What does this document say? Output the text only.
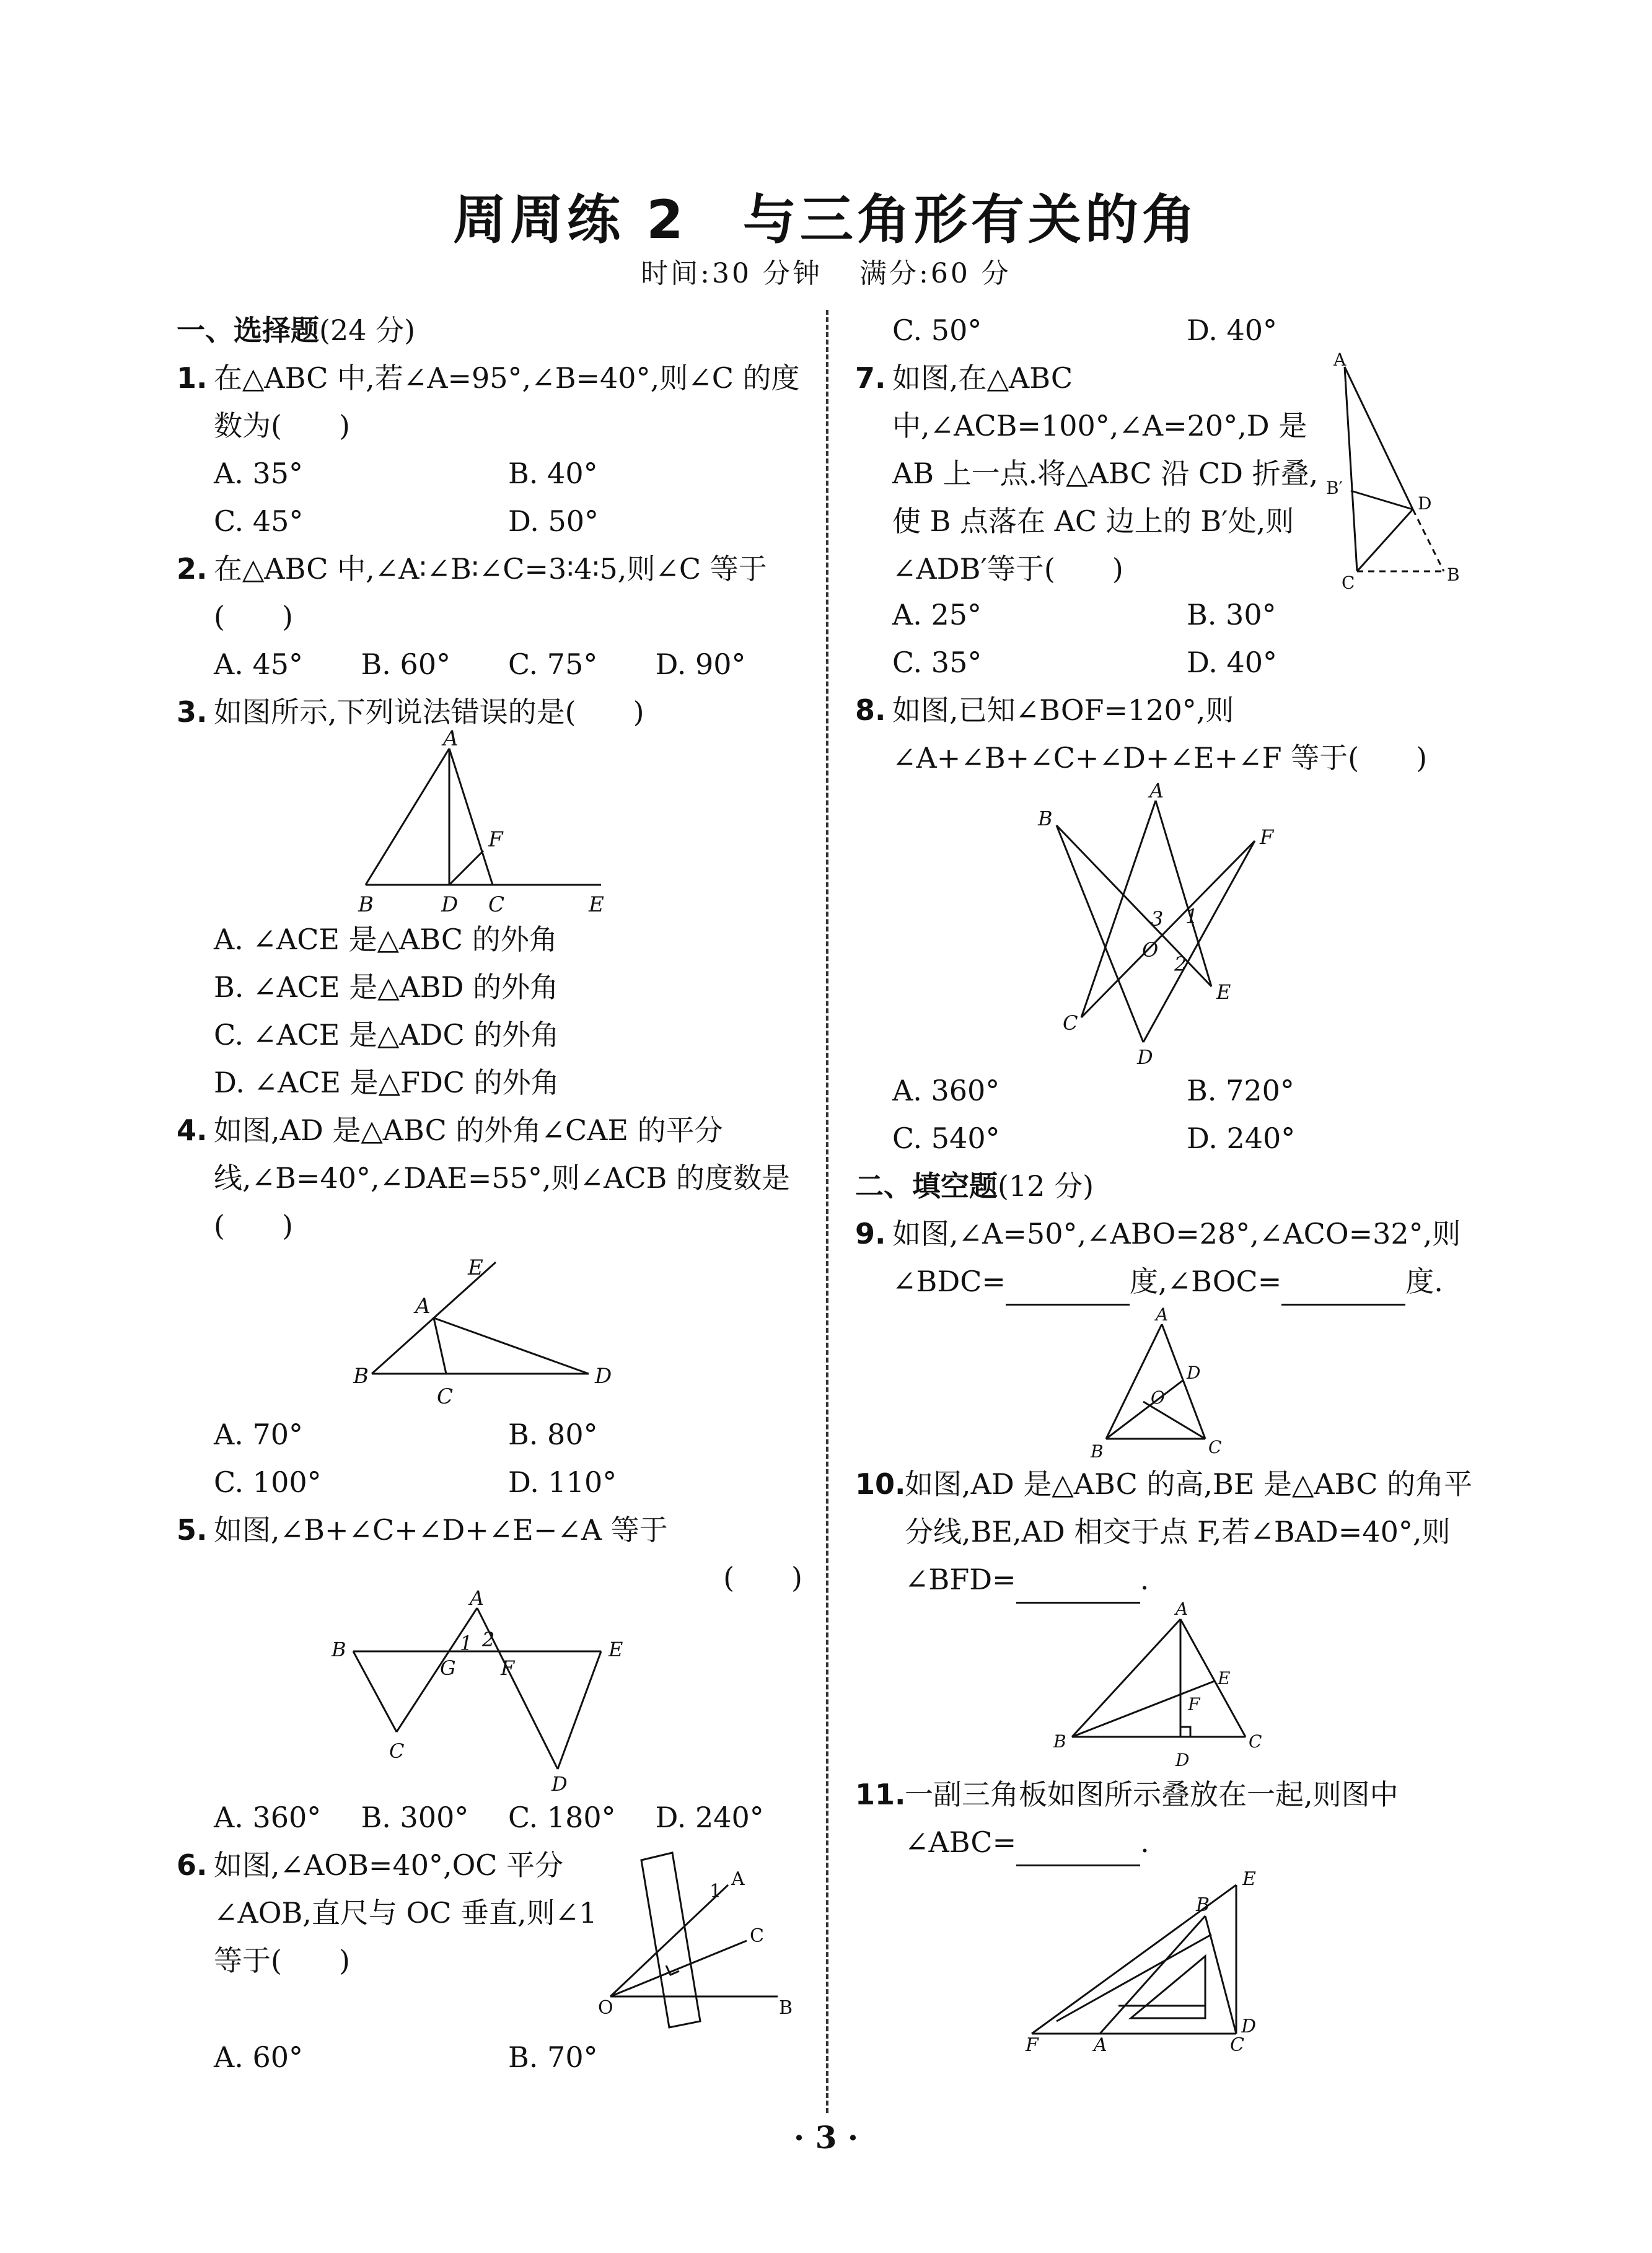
周周练 2 与三角形有关的角
时间:30 分钟 满分:60 分
一、选择题(24 分)
1. 在△ABC 中,若∠A=95°,∠B=40°,则∠C 的度数为(　　)
A. 35°	B. 40°
C. 45°	D. 50°
2. 在△ABC 中,∠A∶∠B∶∠C=3∶4∶5,则∠C 等于(　　)
A. 45°	B. 60°	C. 75°	D. 90°
3. 如图所示,下列说法错误的是(　　)
A
F
B	D C	E
A. ∠ACE 是△ABC 的外角
B. ∠ACE 是△ABD 的外角
C. ∠ACE 是△ADC 的外角
D. ∠ACE 是△FDC 的外角
4. 如图,AD 是△ABC 的外角∠CAE 的平分线,∠B=40°,∠DAE=55°,则∠ACB 的度数是(　　)
E
A
B
C
D
A. 70°	B. 80°
C. 100°	D. 110°
5. 如图,∠B+∠C+∠D+∠E−∠A 等于
(　　)

A
1 2
B
G F
E
C
D
A. 360°	B. 300°	C. 180°	D. 240°
6. 如图,∠AOB=40°,OC 平分∠AOB,直尺与 OC 垂直,则∠1 等于(　　)
A
1
C
O	B
A. 60°	B. 70°
C. 50°	D. 40°
7. 如图,在△ABC 中,∠ACB=100°,∠A=20°,D 是 AB 上一点.将△ABC 沿 CD 折叠,使 B 点落在 AC 边上的 B′处,则∠ADB′等于(　　)
A
B′
D
C	B
A. 25°	B. 30°
C. 35°	D. 40°
8. 如图,已知∠BOF=120°,则∠A+∠B+∠C+∠D+∠E+∠F 等于(　　)
A
B
F
3 1
O
2
E
C
D
A. 360°	B. 720°
C. 540°	D. 240°
二、填空题(12 分)
9. 如图,∠A=50°,∠ABO=28°,∠ACO=32°,则∠BDC=	度,∠BOC=	度.
A
D
O
B	C
10.
如图,AD 是△ABC 的高,BE 是△ABC 的角平分线,BE,AD 相交于点 F,若∠BAD=40°,则∠BFD=	.
A
E
F
B
D
C
11.
一副三角板如图所示叠放在一起,则图中∠ABC=	.
E
B
D
F	A	C
· 3 ·
